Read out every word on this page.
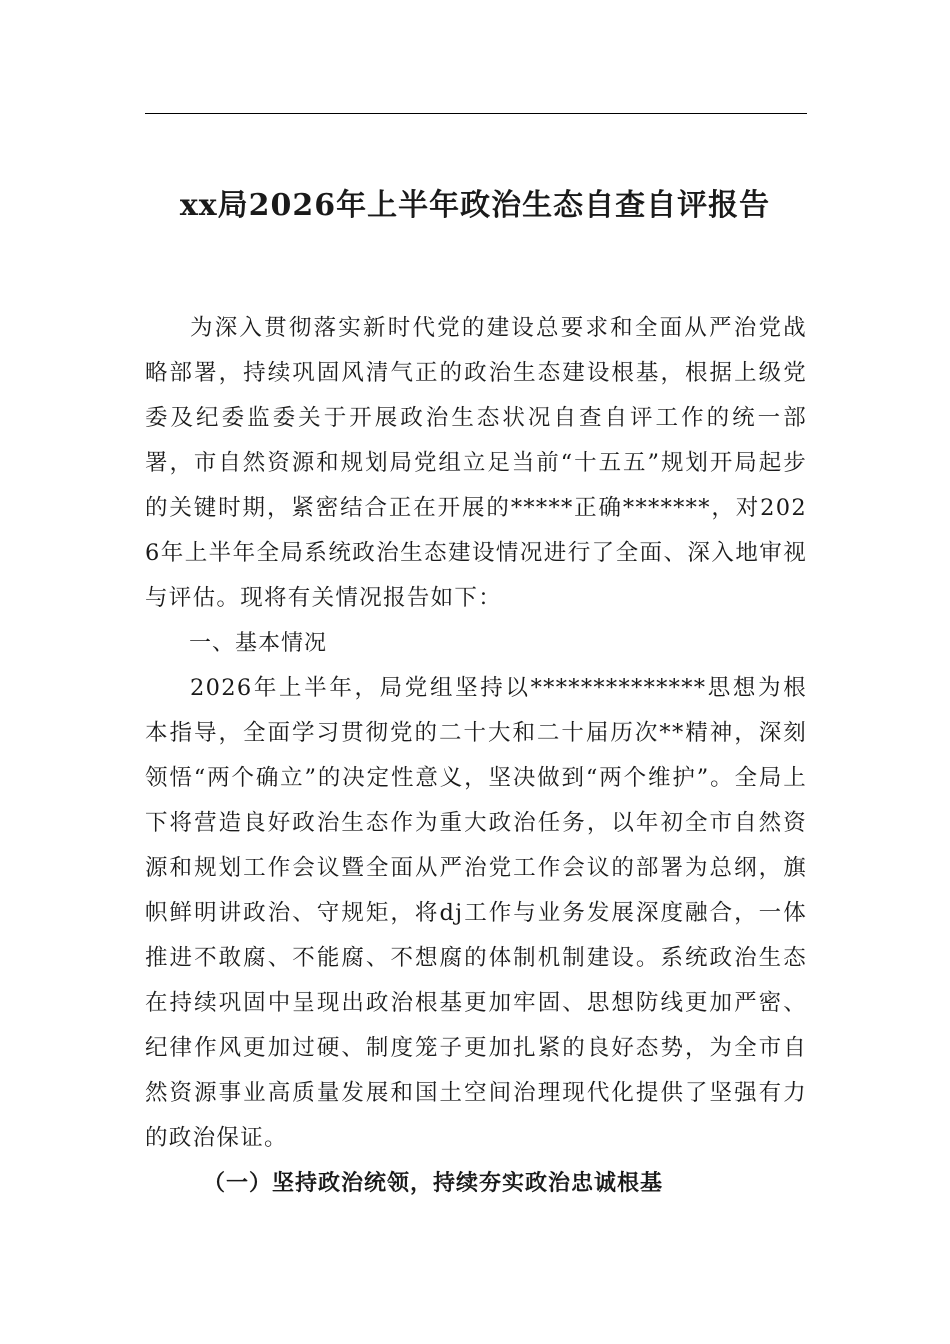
xx局2026年上半年政治生态自查自评报告

为深入贯彻落实新时代党的建设总要求和全面从严治党战略部署，持续巩固风清气正的政治生态建设根基，根据上级党委及纪委监委关于开展政治生态状况自查自评工作的统一部署，市自然资源和规划局党组立足当前“十五五”规划开局起步的关键时期，紧密结合正在开展的*****正确*******，对2026年上半年全局系统政治生态建设情况进行了全面、深入地审视与评估。现将有关情况报告如下：

一、基本情况

2026年上半年，局党组坚持以**************思想为根本指导，全面学习贯彻党的二十大和二十届历次**精神，深刻领悟“两个确立”的决定性意义，坚决做到“两个维护”。全局上下将营造良好政治生态作为重大政治任务，以年初全市自然资源和规划工作会议暨全面从严治党工作会议的部署为总纲，旗帜鲜明讲政治、守规矩，将dj工作与业务发展深度融合，一体推进不敢腐、不能腐、不想腐的体制机制建设。系统政治生态在持续巩固中呈现出政治根基更加牢固、思想防线更加严密、纪律作风更加过硬、制度笼子更加扎紧的良好态势，为全市自然资源事业高质量发展和国土空间治理现代化提供了坚强有力的政治保证。

（一）坚持政治统领，持续夯实政治忠诚根基
